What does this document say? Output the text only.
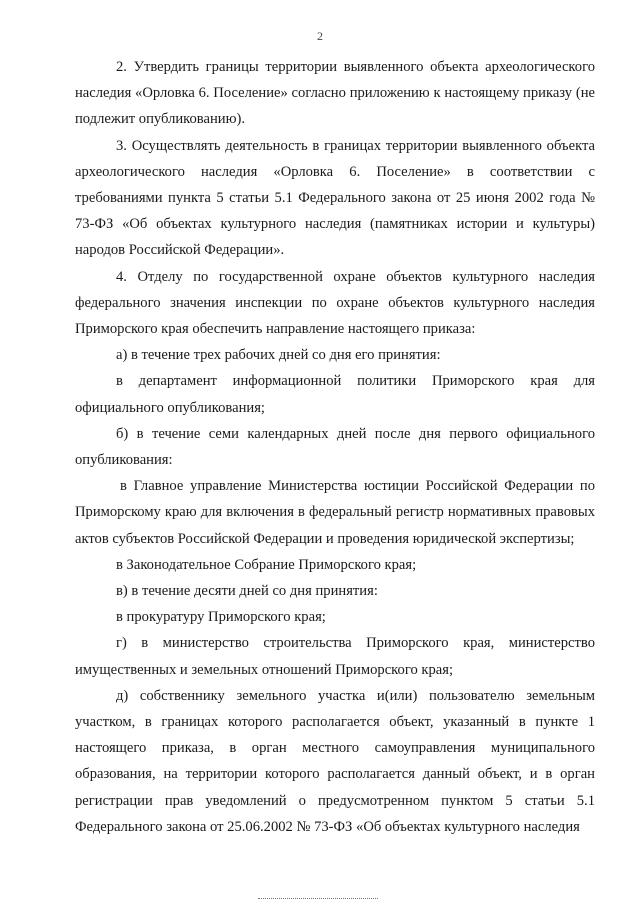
2

2. Утвердить границы территории выявленного объекта археологического наследия «Орловка 6. Поселение» согласно приложению к настоящему приказу (не подлежит опубликованию).

3. Осуществлять деятельность в границах территории выявленного объекта археологического наследия «Орловка 6. Поселение» в соответствии с требованиями пункта 5 статьи 5.1 Федерального закона от 25 июня 2002 года № 73-ФЗ «Об объектах культурного наследия (памятниках истории и культуры) народов Российской Федерации».

4. Отделу по государственной охране объектов культурного наследия федерального значения инспекции по охране объектов культурного наследия Приморского края обеспечить направление настоящего приказа:

а) в течение трех рабочих дней со дня его принятия:

в департамент информационной политики Приморского края для официального опубликования;

б) в течение семи календарных дней после дня первого официального опубликования:

в Главное управление Министерства юстиции Российской Федерации по Приморскому краю для включения в федеральный регистр нормативных правовых актов субъектов Российской Федерации и проведения юридической экспертизы;

в Законодательное Собрание Приморского края;

в) в течение десяти дней со дня принятия:

в прокуратуру Приморского края;

г) в министерство строительства Приморского края, министерство имущественных и земельных отношений Приморского края;

д) собственнику земельного участка и(или) пользователю земельным участком, в границах которого располагается объект, указанный в пункте 1 настоящего приказа, в орган местного самоуправления муниципального образования, на территории которого располагается данный объект, и в орган регистрации прав уведомлений о предусмотренном пунктом 5 статьи 5.1 Федерального закона от 25.06.2002 № 73-ФЗ «Об объектах культурного наследия
